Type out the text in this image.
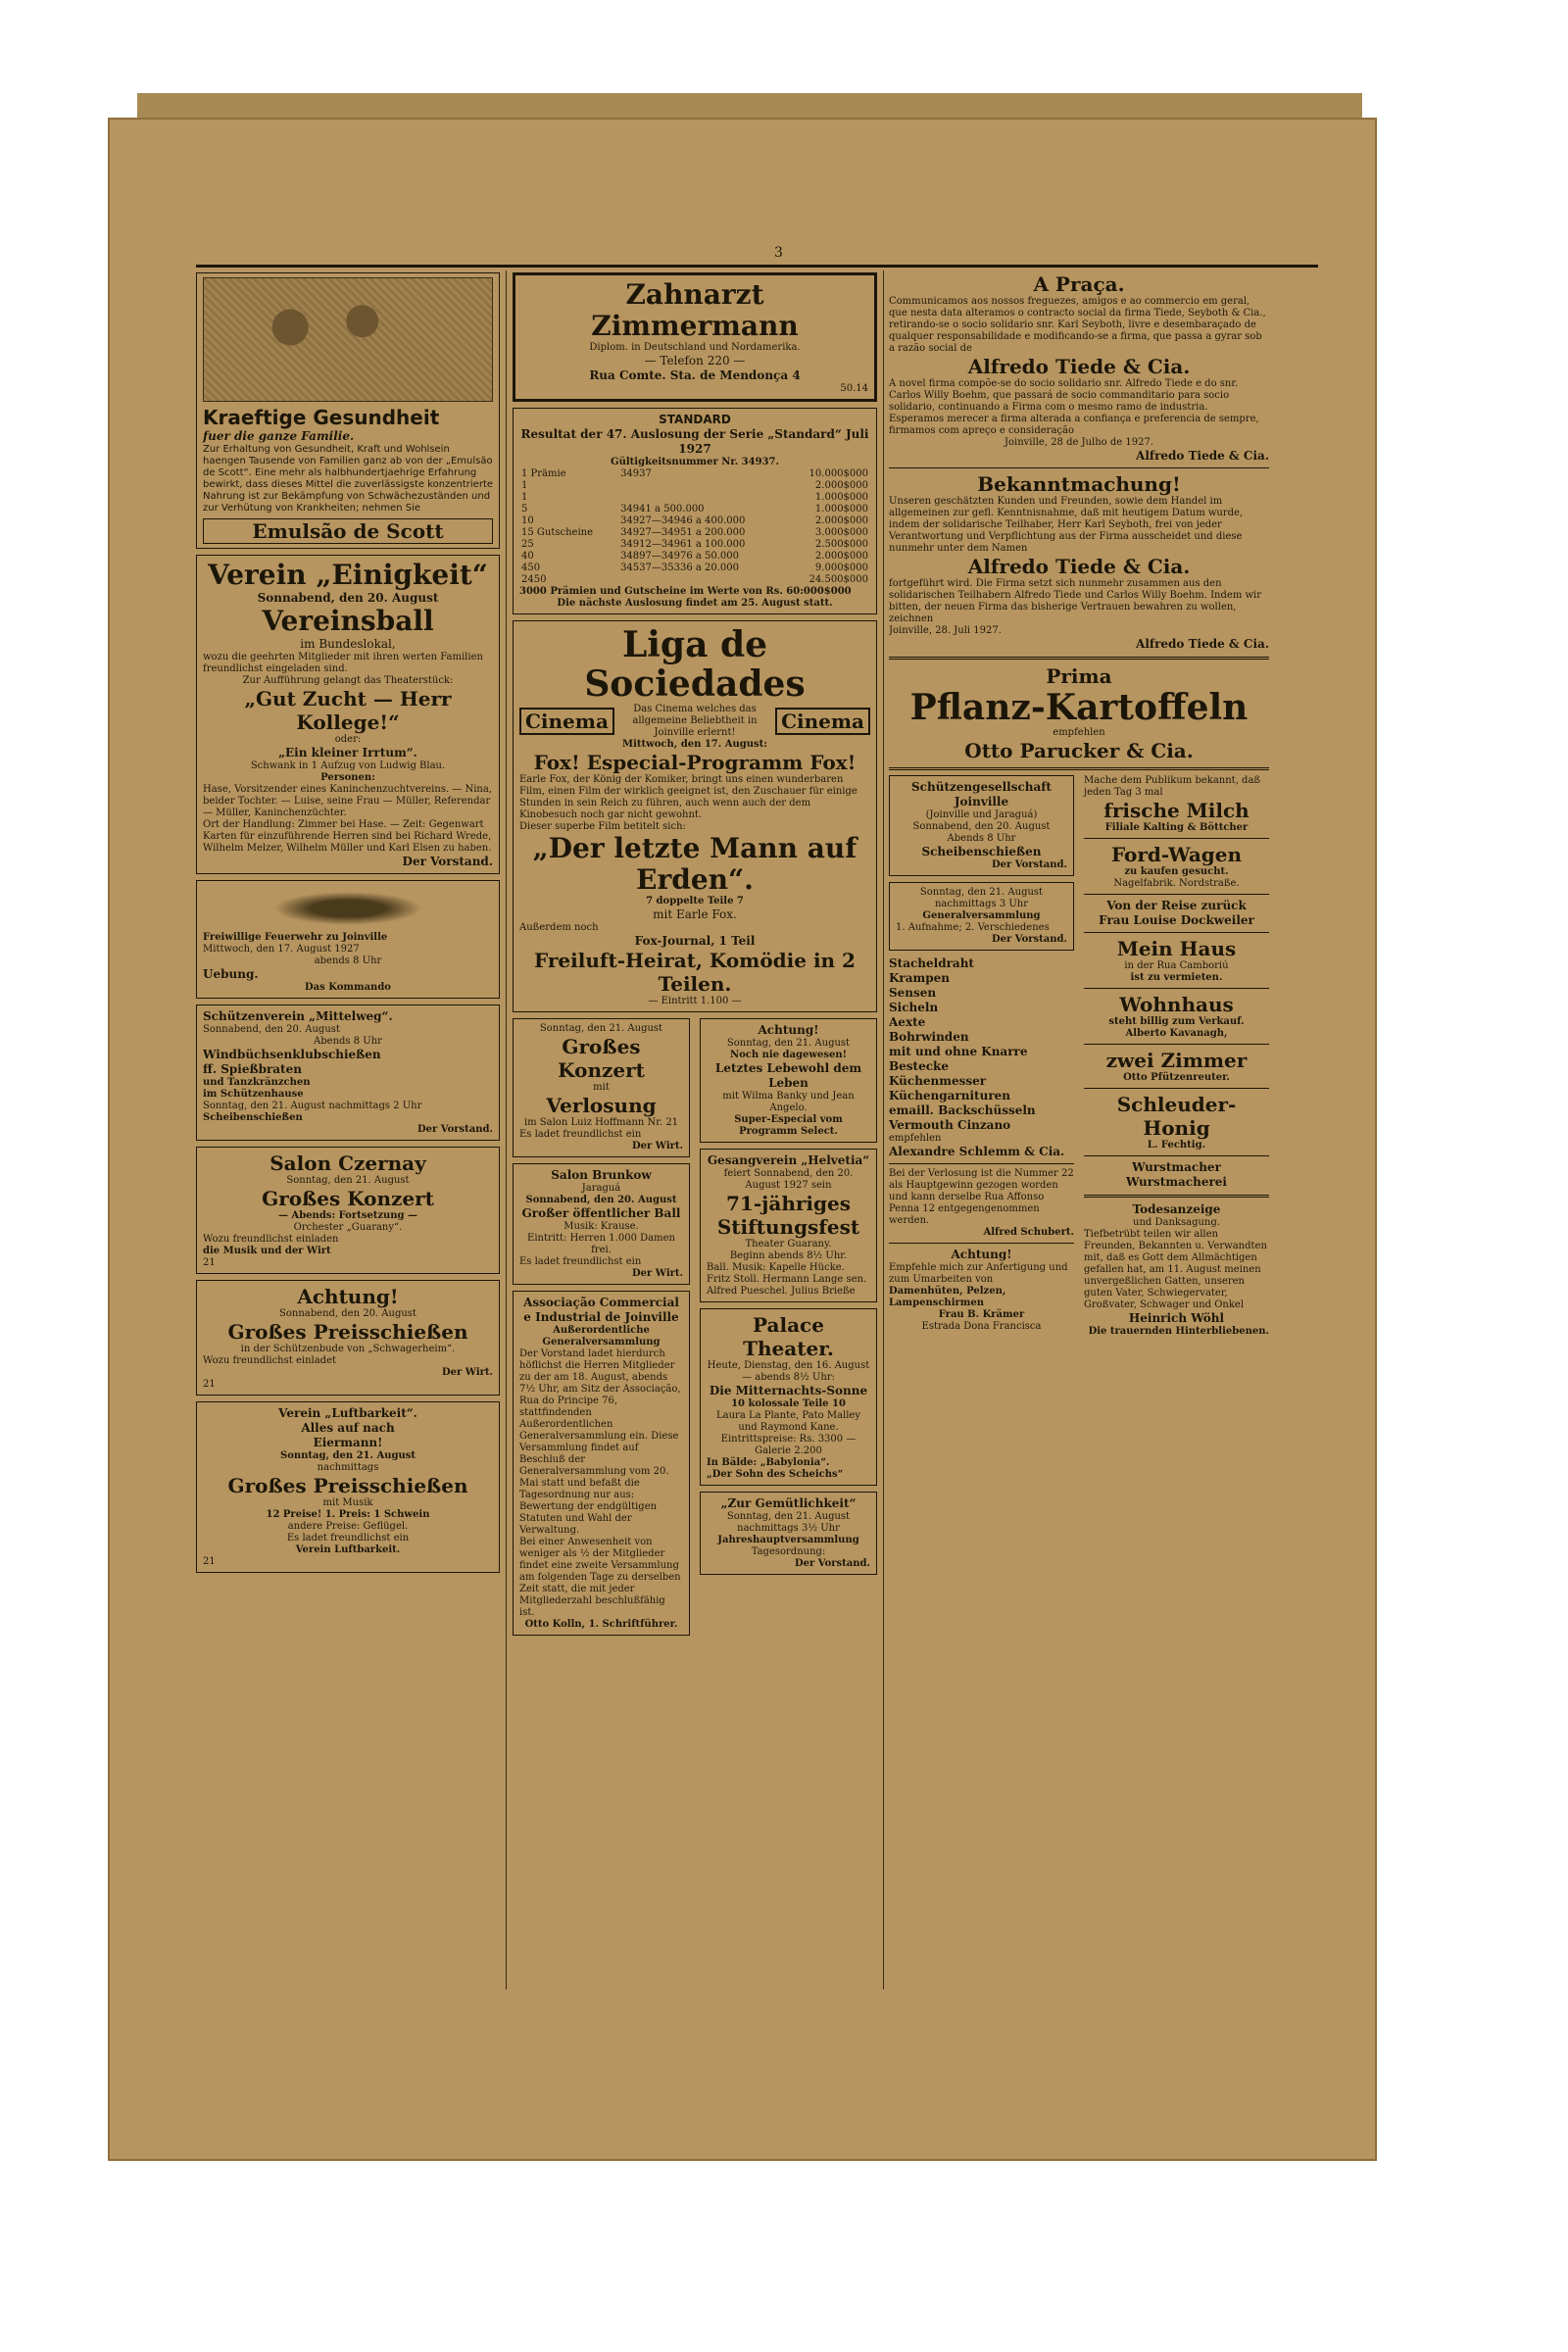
3
Kraeftige Gesundheit
fuer die ganze Familie.
Zur Erhaltung von Gesundheit, Kraft und Wohlsein haengen Tausende von Familien ganz ab von der „Emulsão de Scott“. Eine mehr als halbhundertjaehrige Erfahrung bewirkt, dass dieses Mittel die zuverlässigste konzentrierte Nahrung ist zur Bekämpfung von Schwächezuständen und zur Verhütung von Krankheiten; nehmen Sie
Emulsão de Scott
Verein „Einigkeit“
Sonnabend, den 20. August
Vereinsball
im Bundeslokal,
wozu die geehrten Mitglieder mit ihren werten Familien freundlichst eingeladen sind.
Zur Aufführung gelangt das Theaterstück:
„Gut Zucht — Herr Kollege!“
oder:
„Ein kleiner Irrtum“.
Schwank in 1 Aufzug von Ludwig Blau.
Personen:
Hase, Vorsitzender eines Kaninchenzuchtvereins. — Nina, beider Tochter. — Luise, seine Frau — Müller, Referendar — Müller, Kaninchenzüchter.
Ort der Handlung: Zimmer bei Hase. — Zeit: Gegenwart
Karten für einzuführende Herren sind bei Richard Wrede, Wilhelm Melzer, Wilhelm Müller und Karl Elsen zu haben.
Der Vorstand.
Freiwillige Feuerwehr zu Joinville
Mittwoch, den 17. August 1927
abends 8 Uhr
Uebung.
Das Kommando
Schützenverein „Mittelweg“.
Sonnabend, den 20. August
Abends 8 Uhr
Windbüchsenklubschießen
ff. Spießbraten
und Tanzkränzchen
im Schützenhause
Sonntag, den 21. August nachmittags 2 Uhr
Scheibenschießen
Der Vorstand.
Salon Czernay
Sonntag, den 21. August
Großes Konzert
— Abends: Fortsetzung —
Orchester „Guarany“.
Wozu freundlichst einladen
die Musik und der Wirt
21
Achtung!
Sonnabend, den 20. August
Großes Preisschießen
in der Schützenbude von „Schwagerheim“.
Wozu freundlichst einladet
Der Wirt.
21
Verein „Luftbarkeit“.
Alles auf nach
Eiermann!
Sonntag, den 21. August
nachmittags
Großes Preisschießen
mit Musik
12 Preise! 1. Preis: 1 Schwein
andere Preise: Geflügel.
Es ladet freundlichst ein
Verein Luftbarkeit.
21
Zahnarzt Zimmermann
Diplom. in Deutschland und Nordamerika.
— Telefon 220 —
Rua Comte. Sta. de Mendonça 4
50.14
STANDARD
Resultat der 47. Auslosung der Serie „Standard“ Juli 1927
Gültigkeitsnummer Nr. 34937.
1 Prämie	34937	10.000$000
1		2.000$000
1		1.000$000
5	34941 a 500.000	1.000$000
10	34927—34946 a 400.000	2.000$000
15 Gutscheine	34927—34951 a 200.000	3.000$000
25	34912—34961 a 100.000	2.500$000
40	34897—34976 a 50.000	2.000$000
450	34537—35336 a 20.000	9.000$000
2450		24.500$000
3000 Prämien und Gutscheine im Werte von Rs. 60:000$000
Die nächste Auslosung findet am 25. August statt.
Liga de Sociedades
Cinema
Das Cinema welches das allgemeine Beliebtheit in Joinville erlernt!	Cinema
Mittwoch, den 17. August:
Fox! Especial-Programm Fox!
Earle Fox, der König der Komiker, bringt uns einen wunderbaren Film, einen Film der wirklich geeignet ist, den Zuschauer für einige Stunden in sein Reich zu führen, auch wenn auch der dem Kinobesuch noch gar nicht gewohnt.
Dieser superbe Film betitelt sich:
„Der letzte Mann auf Erden“.
7 doppelte Teile 7
mit Earle Fox.
Außerdem noch
Fox-Journal, 1 Teil
Freiluft-Heirat, Komödie in 2 Teilen.
— Eintritt 1.100 —
Sonntag, den 21. August
Großes Konzert
mit
Verlosung
im Salon Luiz Hoffmann Nr. 21
Es ladet freundlichst ein
Der Wirt.
Salon Brunkow
Jaraguá
Sonnabend, den 20. August
Großer öffentlicher Ball
Musik: Krause.
Eintritt: Herren 1.000 Damen frei.
Es ladet freundlichst ein
Der Wirt.
Associação Commercial e Industrial de Joinville
Außerordentliche Generalversammlung
Der Vorstand ladet hierdurch höflichst die Herren Mitglieder zu der am 18. August, abends 7½ Uhr, am Sitz der Associação, Rua do Principe 76, stattfindenden Außerordentlichen Generalversammlung ein. Diese Versammlung findet auf Beschluß der Generalversammlung vom 20. Mai statt und befaßt die Tagesordnung nur aus: Bewertung der endgültigen Statuten und Wahl der Verwaltung.
Bei einer Anwesenheit von weniger als ½ der Mitglieder findet eine zweite Versammlung am folgenden Tage zu derselben Zeit statt, die mit jeder Mitgliederzahl beschlußfähig ist.
Otto Kolln, 1. Schriftführer.
Achtung!
Sonntag, den 21. August
Noch nie dagewesen!
Letztes Lebewohl dem Leben
mit Wilma Banky und Jean Angelo.
Super-Especial vom Programm Select.
Gesangverein „Helvetia“
feiert Sonnabend, den 20. August 1927 sein
71-jähriges Stiftungsfest
Theater Guarany.
Beginn abends 8½ Uhr.
Ball. Musik: Kapelle Hücke.
Fritz Stoll. Hermann Lange sen. Alfred Pueschel. Julius Brieße
Palace Theater.
Heute, Dienstag, den 16. August — abends 8½ Uhr:
Die Mitternachts-Sonne
10 kolossale Teile 10
Laura La Plante, Pato Malley und Raymond Kane.
Eintrittspreise: Rs. 3300 — Galerie 2.200
In Bälde: „Babylonia“.
„Der Sohn des Scheichs“
„Zur Gemütlichkeit“
Sonntag, den 21. August
nachmittags 3½ Uhr
Jahreshauptversammlung
Tagesordnung:
Der Vorstand.
A Praça.
Communicamos aos nossos freguezes, amigos e ao commercio em geral, que nesta data alteramos o contracto social da firma Tiede, Seyboth & Cia., retirando-se o socio solidario snr. Karl Seyboth, livre e desembaraçado de qualquer responsabilidade e modificando-se a firma, que passa a gyrar sob a razão social de
Alfredo Tiede & Cia.
A novel firma compõe-se do socio solidario snr. Alfredo Tiede e do snr. Carlos Willy Boehm, que passará de socio commanditario para socio solidario, continuando a Firma com o mesmo ramo de industria.
Esperamos merecer a firma alterada a confiança e preferencia de sempre, firmamos com apreço e consideração
Joinville, 28 de Julho de 1927.
Alfredo Tiede & Cia.
Bekanntmachung!
Unseren geschätzten Kunden und Freunden, sowie dem Handel im allgemeinen zur gefl. Kenntnisnahme, daß mit heutigem Datum wurde, indem der solidarische Teilhaber, Herr Karl Seyboth, frei von jeder Verantwortung und Verpflichtung aus der Firma ausscheidet und diese nunmehr unter dem Namen
Alfredo Tiede & Cia.
fortgeführt wird. Die Firma setzt sich nunmehr zusammen aus den solidarischen Teilhabern Alfredo Tiede und Carlos Willy Boehm. Indem wir bitten, der neuen Firma das bisherige Vertrauen bewahren zu wollen, zeichnen
Joinville, 28. Juli 1927.
Alfredo Tiede & Cia.
Prima
Pflanz-Kartoffeln
empfehlen
Otto Parucker & Cia.
Schützengesellschaft Joinville
(Joinville und Jaraguá)
Sonnabend, den 20. August
Abends 8 Uhr
Scheibenschießen
Der Vorstand.
Sonntag, den 21. August
nachmittags 3 Uhr
Generalversammlung
1. Aufnahme; 2. Verschiedenes
Der Vorstand.
Stacheldraht
Krampen
Sensen
Sicheln
Aexte
Bohrwinden
mit und ohne Knarre
Bestecke
Küchenmesser
Küchengarnituren
emaill. Backschüsseln
Vermouth Cinzano
empfehlen
Alexandre Schlemm & Cia.
Bei der Verlosung ist die Nummer 22 als Hauptgewinn gezogen worden und kann derselbe Rua Affonso Penna 12 entgegengenommen werden.
Alfred Schubert.
Achtung!
Empfehle mich zur Anfertigung und zum Umarbeiten von
Damenhüten, Pelzen, Lampenschirmen
Frau B. Krämer
Estrada Dona Francisca
Mache dem Publikum bekannt, daß jeden Tag 3 mal
frische Milch
Filiale Kalting & Böttcher
Ford-Wagen
zu kaufen gesucht.
Nagelfabrik. Nordstraße.
Von der Reise zurück
Frau Louise Dockweiler
Mein Haus
in der Rua Camboriú
ist zu vermieten.
Wohnhaus
steht billig zum Verkauf.
Alberto Kavanagh,
zwei Zimmer
Otto Pfützenreuter.
Schleuder-Honig
L. Fechtig.
Wurstmacher
Wurstmacherei
Todesanzeige
und Danksagung.
Tiefbetrübt teilen wir allen Freunden, Bekannten u. Verwandten mit, daß es Gott dem Allmächtigen gefallen hat, am 11. August meinen unvergeßlichen Gatten, unseren guten Vater, Schwiegervater, Großvater, Schwager und Onkel
Heinrich Wöhl
Die trauernden Hinterbliebenen.
